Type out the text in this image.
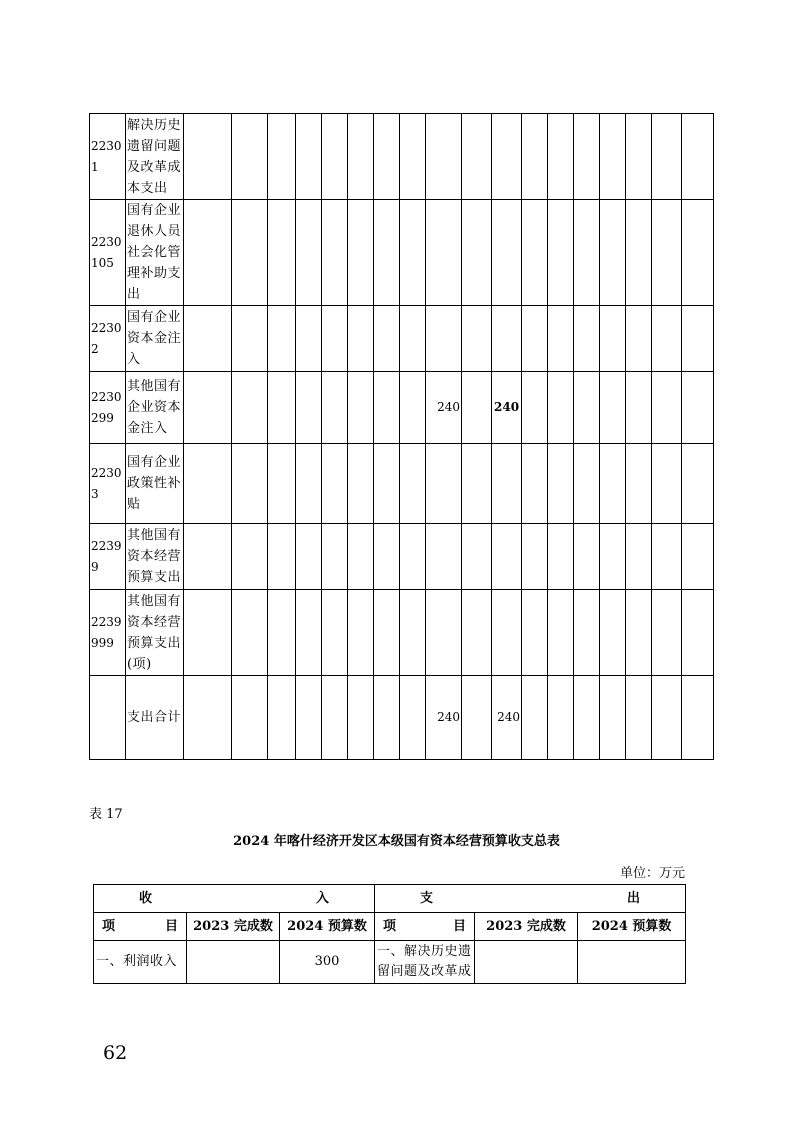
22301	解决历史遗留问题及改革成本支出																		
2230105	国有企业退休人员社会化管理补助支出																		
22302	国有企业资本金注入																		
2230299	其他国有企业资本金注入									240		240							
22303	国有企业政策性补贴																		
22399	其他国有资本经营预算支出																		
2239999	其他国有资本经营预算支出(项)																		
	支出合计									240		240							
表 17
2024 年喀什经济开发区本级国有资本经营预算收支总表
单位：万元
收 入			支 出		

项 目	2023 完成数	2024 预算数	项 目	2023 完成数	2024 预算数
一、利润收入		300	一、解决历史遗留问题及改革成		
62
